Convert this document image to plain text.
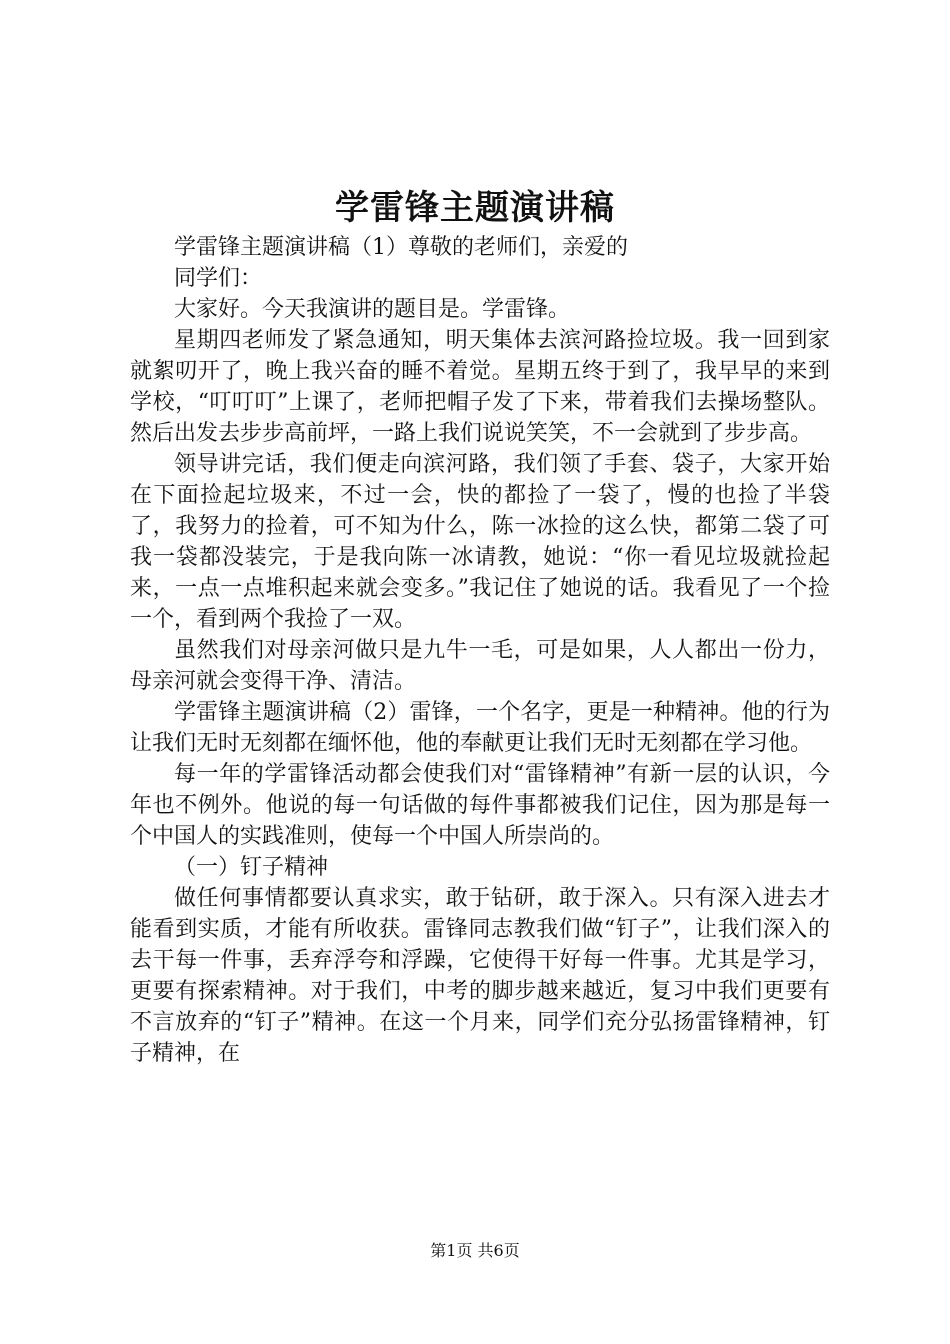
学雷锋主题演讲稿

学雷锋主题演讲稿（1）尊敬的老师们，亲爱的

同学们：

大家好。今天我演讲的题目是。学雷锋。

星期四老师发了紧急通知，明天集体去滨河路捡垃圾。我一回到家就絮叨开了，晚上我兴奋的睡不着觉。星期五终于到了，我早早的来到学校，“叮叮叮”上课了，老师把帽子发了下来，带着我们去操场整队。然后出发去步步高前坪，一路上我们说说笑笑，不一会就到了步步高。

领导讲完话，我们便走向滨河路，我们领了手套、袋子，大家开始在下面捡起垃圾来，不过一会，快的都捡了一袋了，慢的也捡了半袋了，我努力的捡着，可不知为什么，陈一冰捡的这么快，都第二袋了可我一袋都没装完，于是我向陈一冰请教，她说：“你一看见垃圾就捡起来，一点一点堆积起来就会变多。”我记住了她说的话。我看见了一个捡一个，看到两个我捡了一双。

虽然我们对母亲河做只是九牛一毛，可是如果，人人都出一份力，母亲河就会变得干净、清洁。

学雷锋主题演讲稿（2）雷锋，一个名字，更是一种精神。他的行为让我们无时无刻都在缅怀他，他的奉献更让我们无时无刻都在学习他。

每一年的学雷锋活动都会使我们对“雷锋精神”有新一层的认识，今年也不例外。他说的每一句话做的每件事都被我们记住，因为那是每一个中国人的实践准则，使每一个中国人所崇尚的。

（一）钉子精神

做任何事情都要认真求实，敢于钻研，敢于深入。只有深入进去才能看到实质，才能有所收获。雷锋同志教我们做“钉子”，让我们深入的去干每一件事，丢弃浮夸和浮躁，它使得干好每一件事。尤其是学习，更要有探索精神。对于我们，中考的脚步越来越近，复习中我们更要有不言放弃的“钉子”精神。在这一个月来，同学们充分弘扬雷锋精神，钉子精神，在

第1页 共6页
